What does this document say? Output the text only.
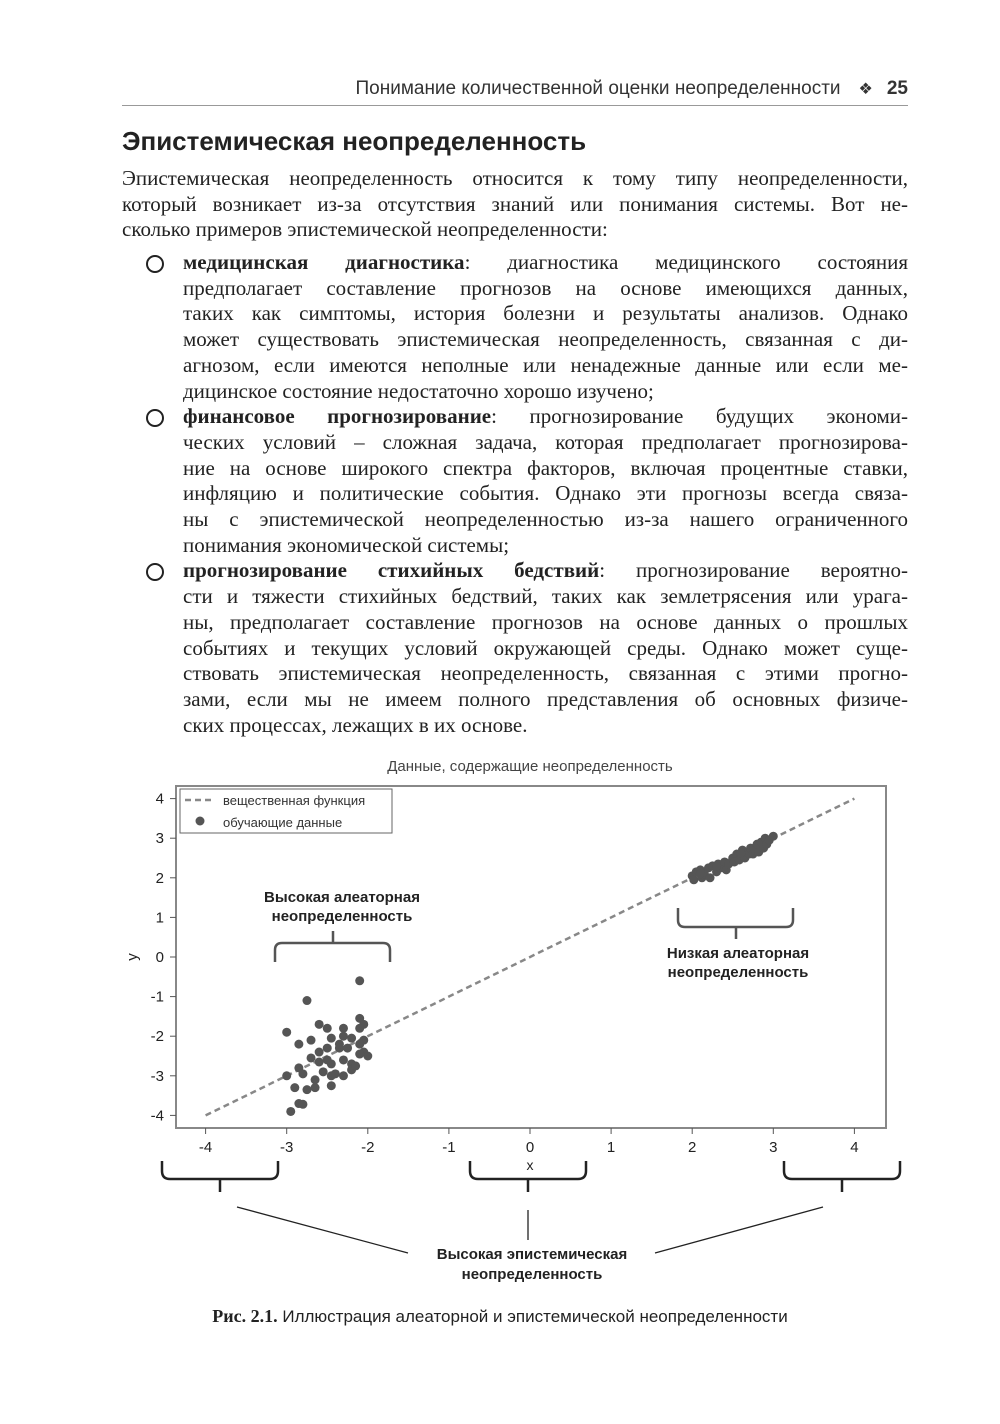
Понимание количественной оценки неопределенности ❖ 25
Эпистемическая неопределенность
Эпистемическая неопределенность относится к тому типу неопределенности,
который возникает из-за отсутствия знаний или понимания системы. Вот не-
сколько примеров эпистемической неопределенности:
медицинская диагностика: диагностика медицинского состояния
предполагает составление прогнозов на основе имеющихся данных,
таких как симптомы, история болезни и результаты анализов. Однако
может существовать эпистемическая неопределенность, связанная с ди-
агнозом, если имеются неполные или ненадежные данные или если ме-
дицинское состояние недостаточно хорошо изучено;
финансовое прогнозирование: прогнозирование будущих экономи-
ческих условий – сложная задача, которая предполагает прогнозирова-
ние на основе широкого спектра факторов, включая процентные ставки,
инфляцию и политические события. Однако эти прогнозы всегда связа-
ны с эпистемической неопределенностью из-за нашего ограниченного
понимания экономической системы;
прогнозирование стихийных бедствий: прогнозирование вероятно-
сти и тяжести стихийных бедствий, таких как землетрясения или урага-
ны, предполагает составление прогнозов на основе данных о прошлых
событиях и текущих условий окружающей среды. Однако может суще-
ствовать эпистемическая неопределенность, связанная с этими прогно-
зами, если мы не имеем полного представления об основных физиче-
ских процессах, лежащих в их основе.
Данные, содержащие неопределенность
-4	-3	-2	-1	0	1	2	3	4
4
3
2
1
0
-1
-2
-3
-4
x
y
вещественная функция
обучающие данные
Высокая алеаторная
неопределенность
Низкая алеаторная
неопределенность
Высокая эпистемическая
неопределенность
Рис. 2.1. Иллюстрация алеаторной и эпистемической неопределенности
